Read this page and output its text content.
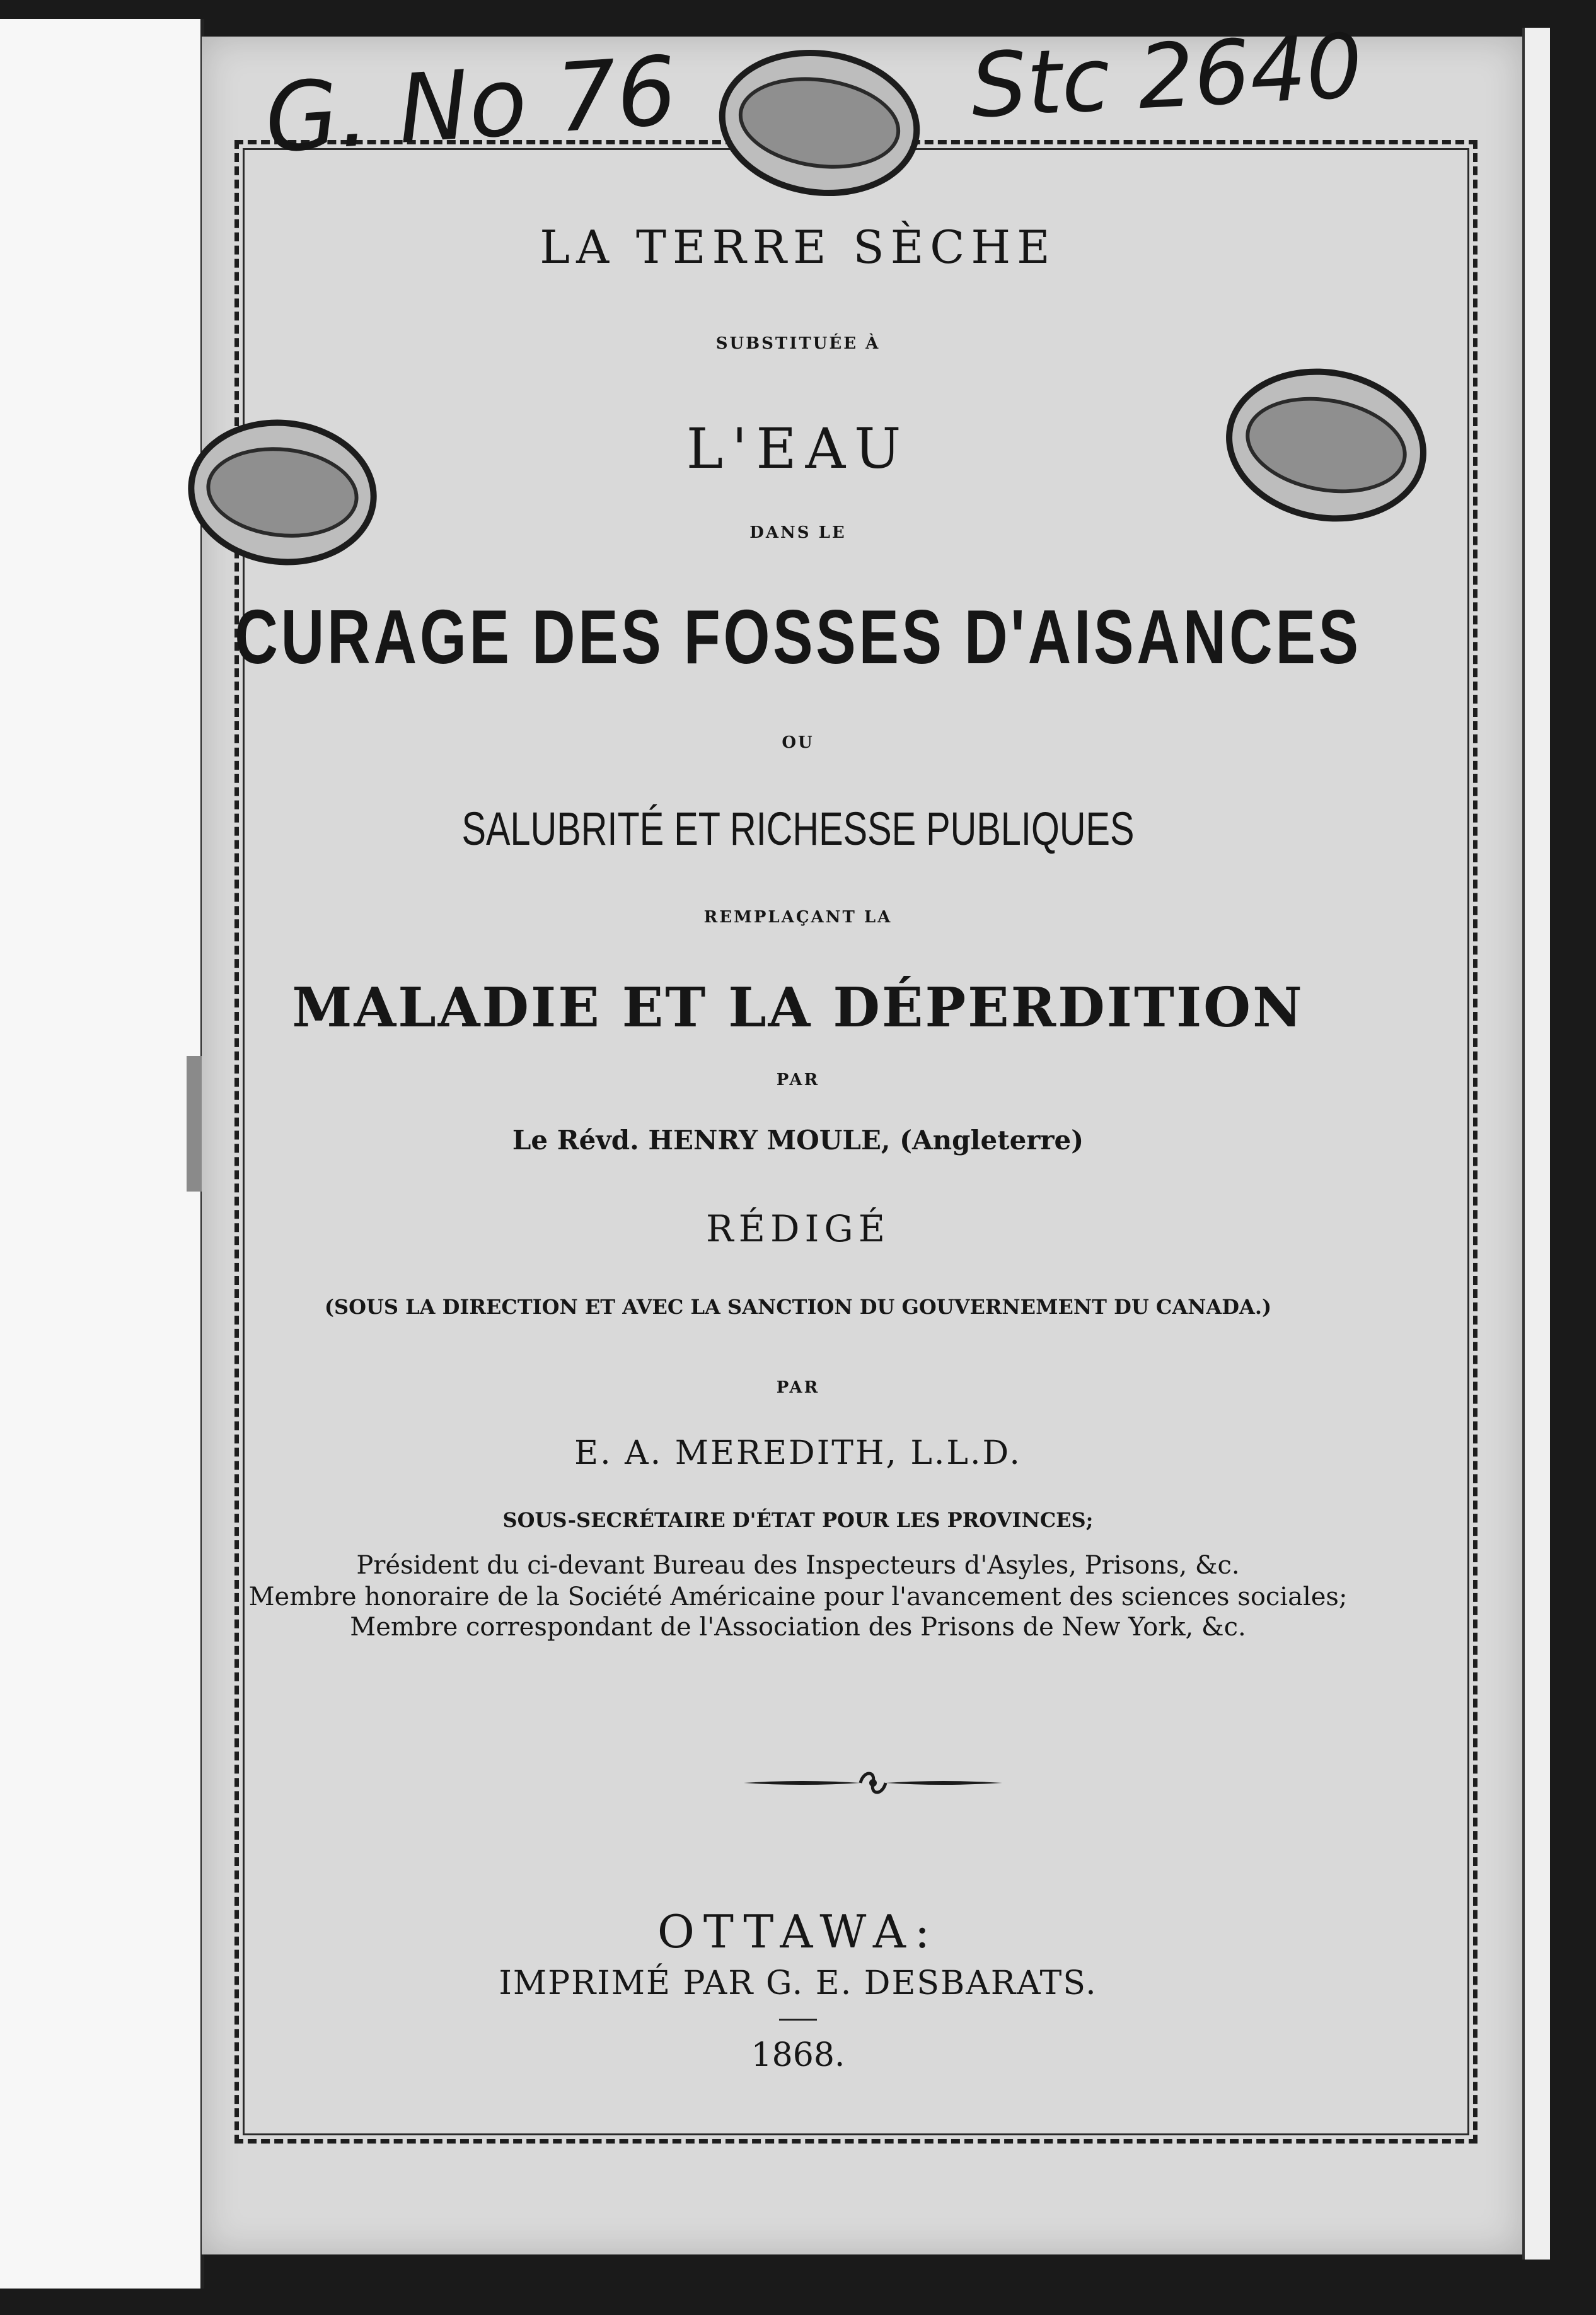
G. No 76	Stc 2640
LA TERRE SÈCHE
SUBSTITUÉE À
L'EAU
DANS LE
CURAGE DES FOSSES D'AISANCES
OU
SALUBRITÉ ET RICHESSE PUBLIQUES
REMPLAÇANT LA
MALADIE ET LA DÉPERDITION
PAR
Le Révd. HENRY MOULE, (Angleterre)
RÉDIGÉ
(SOUS LA DIRECTION ET AVEC LA SANCTION DU GOUVERNEMENT DU CANADA.)
PAR
E. A. MEREDITH, L.L.D.
SOUS-SECRÉTAIRE D'ÉTAT POUR LES PROVINCES;
Président du ci-devant Bureau des Inspecteurs d'Asyles, Prisons, &c.
Membre honoraire de la Société Américaine pour l'avancement des sciences sociales;
Membre correspondant de l'Association des Prisons de New York, &c.
OTTAWA:
IMPRIMÉ PAR G. E. DESBARATS.
1868.
